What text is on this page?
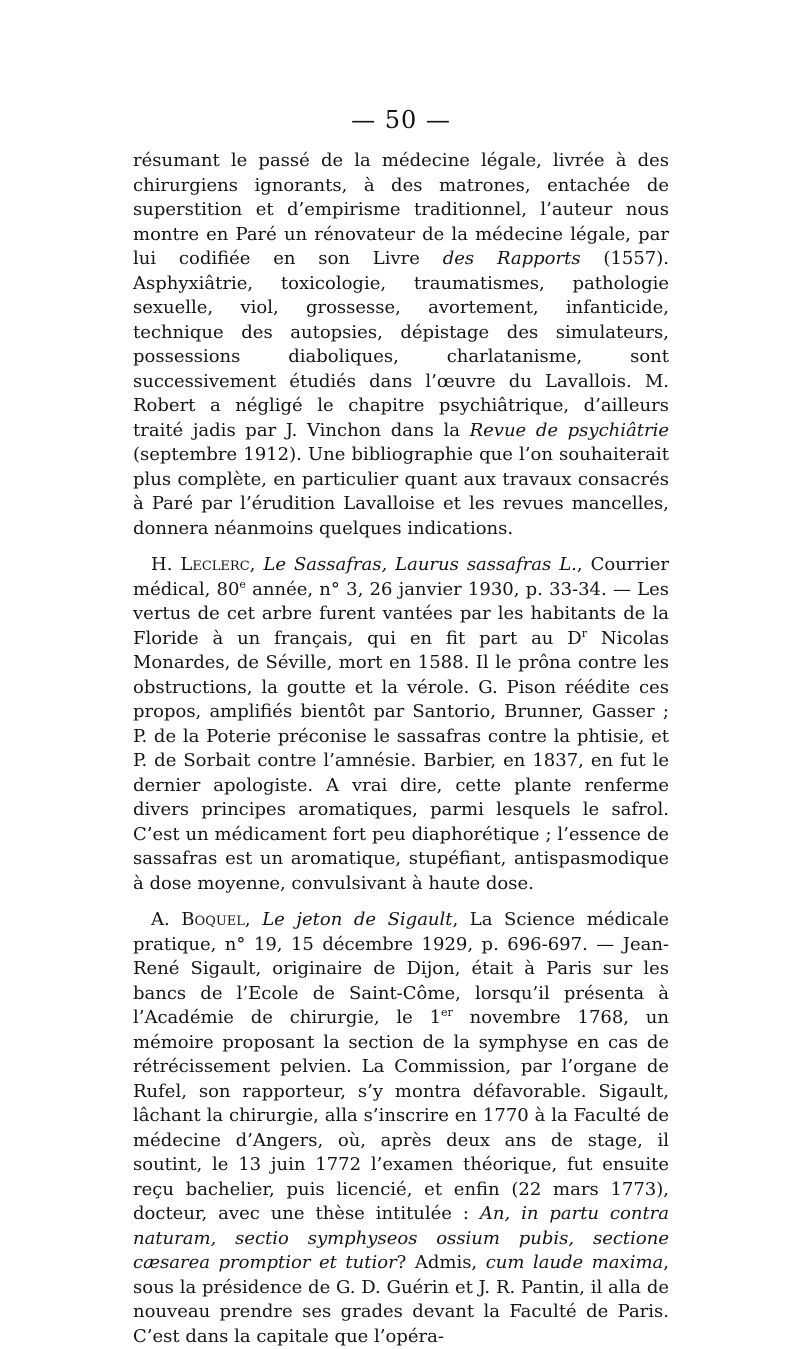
— 50 —

résumant le passé de la médecine légale, livrée à des chirurgiens ignorants, à des matrones, entachée de superstition et d’empirisme traditionnel, l’auteur nous montre en Paré un rénovateur de la médecine légale, par lui codifiée en son Livre des Rapports (1557). Asphyxiâtrie, toxicologie, traumatismes, pathologie sexuelle, viol, grossesse, avortement, infanticide, technique des autopsies, dépistage des simulateurs, possessions diaboliques, charlatanisme, sont successivement étudiés dans l’œuvre du Lavallois. M. Robert a négligé le chapitre psychiâtrique, d’ailleurs traité jadis par J. Vinchon dans la Revue de psychiâtrie (septembre 1912). Une bibliographie que l’on souhaiterait plus complète, en particulier quant aux travaux consacrés à Paré par l’érudition Lavalloise et les revues mancelles, donnera néanmoins quelques indications.

H. Leclerc, Le Sassafras, Laurus sassafras L., Courrier médical, 80e année, n° 3, 26 janvier 1930, p. 33-34. — Les vertus de cet arbre furent vantées par les habitants de la Floride à un français, qui en fit part au $D^r$ Nicolas Monardes, de Séville, mort en 1588. Il le prôna contre les obstructions, la goutte et la vérole. G. Pison réédite ces propos, amplifiés bientôt par Santorio, Brunner, Gasser ; P. de la Poterie préconise le sassafras contre la phtisie, et P. de Sorbait contre l’amnésie. Barbier, en 1837, en fut le dernier apologiste. A vrai dire, cette plante renferme divers principes aromatiques, parmi lesquels le safrol. C’est un médicament fort peu diaphorétique ; l’essence de sassafras est un aromatique, stupéfiant, antispasmodique à dose moyenne, convulsivant à haute dose.

A. Boquel, Le jeton de Sigault, La Science médicale pratique, n° 19, 15 décembre 1929, p. 696-697. — Jean-René Sigault, originaire de Dijon, était à Paris sur les bancs de l’Ecole de Saint-Côme, lorsqu’il présenta à l’Académie de chirurgie, le 1er novembre 1768, un mémoire proposant la section de la symphyse en cas de rétrécissement pelvien. La Commission, par l’organe de Rufel, son rapporteur, s’y montra défavorable. Sigault, lâchant la chirurgie, alla s’inscrire en 1770 à la Faculté de médecine d’Angers, où, après deux ans de stage, il soutint, le 13 juin 1772 l’examen théorique, fut ensuite reçu bachelier, puis licencié, et enfin (22 mars 1773), docteur, avec une thèse intitulée : An, in partu contra naturam, sectio symphyseos ossium pubis, sectione cæsarea promptior et tutior? Admis, cum laude maxima, sous la présidence de G. D. Guérin et J. R. Pantin, il alla de nouveau prendre ses grades devant la Faculté de Paris. C’est dans la capitale que l’opéra-
